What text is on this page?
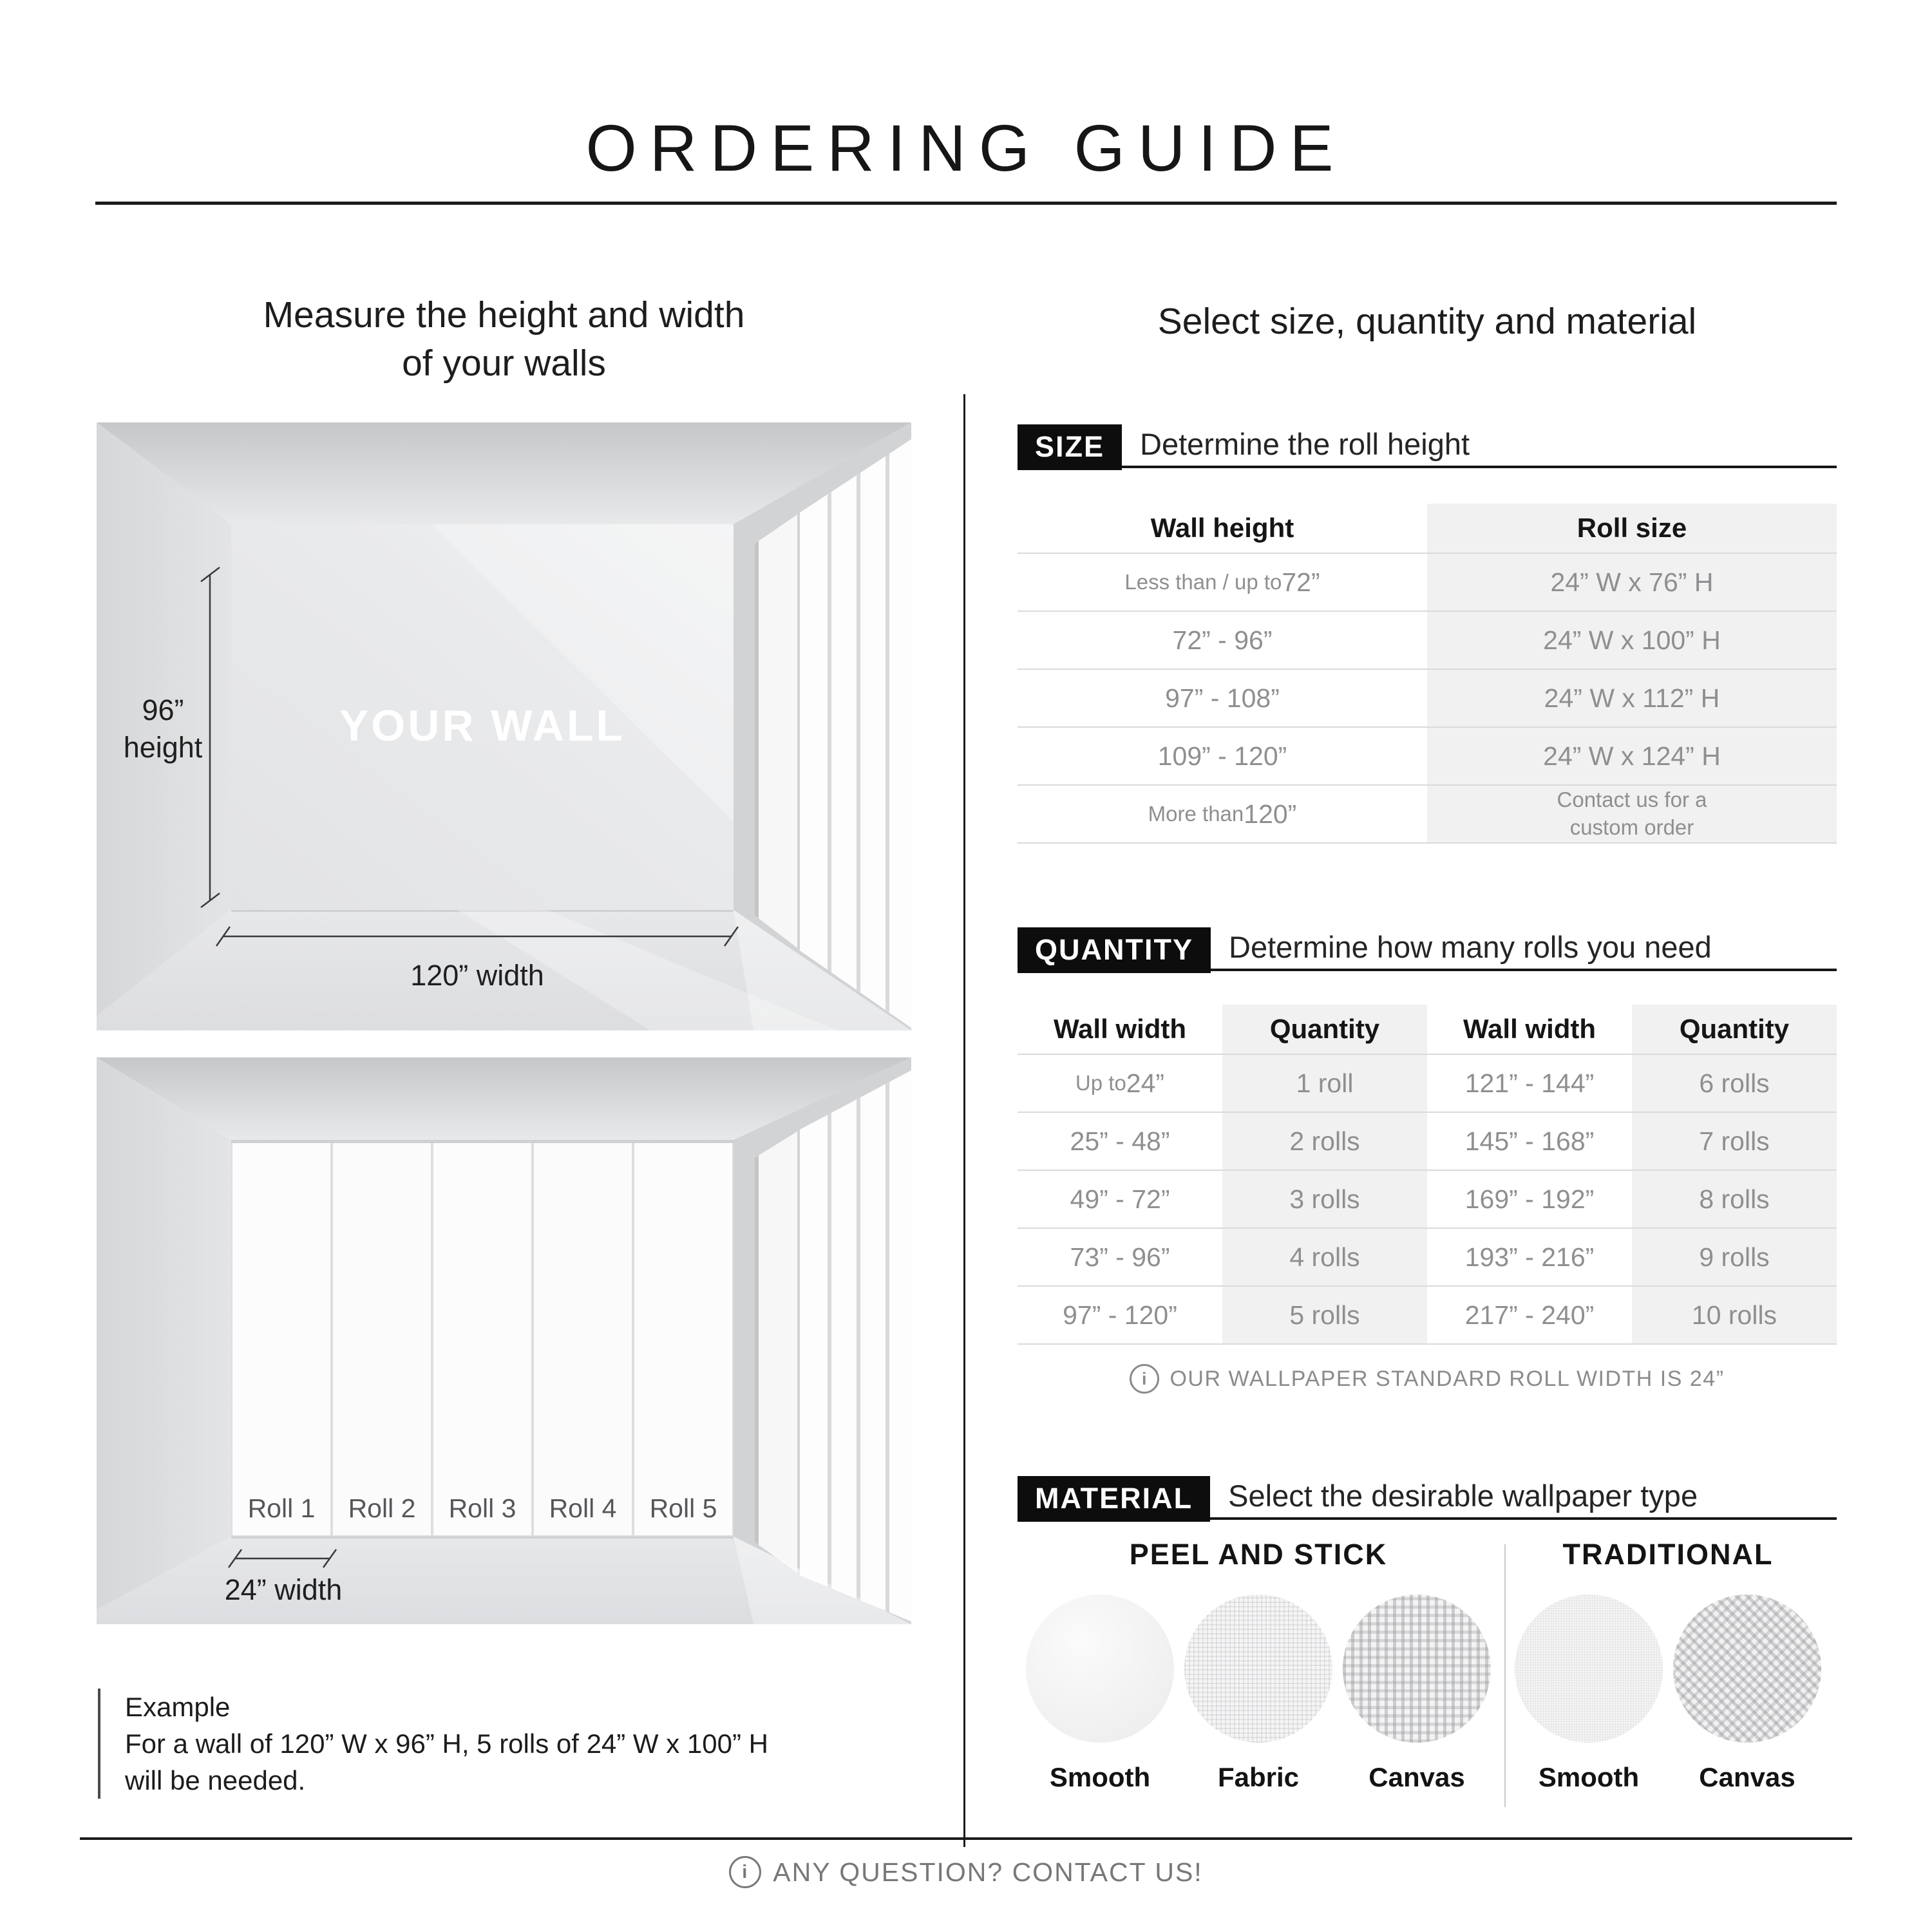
ORDERING GUIDE
Measure the height and width
of your walls
96”
height	YOUR WALL
120” width
Roll 1 Roll 2 Roll 3 Roll 4 Roll 5
24” width
Example
For a wall of 120” W x 96” H, 5 rolls of 24” W x 100” H
will be needed.
Select size, quantity and material
SIZE	Determine the roll height
Wall height	Roll size
Less than / up to 72”	24” W x 76” H
72” - 96”	24” W x 100” H
97” - 108”	24” W x 112” H
109” - 120”	24” W x 124” H
More than 120”	Contact us for a
custom order
QUANTITY	Determine how many rolls you need
Wall width	Quantity	Wall width	Quantity
Up to 24”	1 roll	121” - 144”	6 rolls
25” - 48”	2 rolls	145” - 168”	7 rolls
49” - 72”	3 rolls	169” - 192”	8 rolls
73” - 96”	4 rolls	193” - 216”	9 rolls
97” - 120”	5 rolls	217” - 240”	10 rolls
i	OUR WALLPAPER STANDARD ROLL WIDTH IS 24”
MATERIAL	Select the desirable wallpaper type
PEEL AND STICK
Smooth Fabric	Canvas
TRADITIONAL
Smooth Canvas
i ANY QUESTION? CONTACT US!
